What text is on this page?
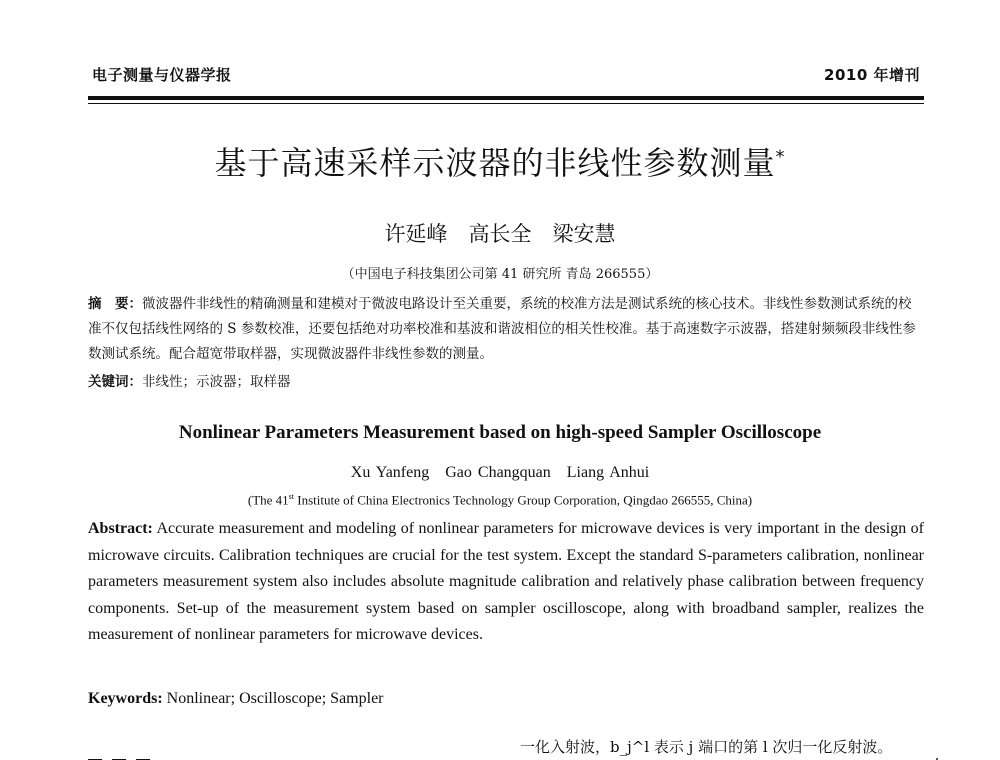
电子测量与仪器学报	2010 年增刊
基于高速采样示波器的非线性参数测量*
许延峰　高长全　梁安慧
（中国电子科技集团公司第 41 研究所 青岛 266555）
摘　要：微波器件非线性的精确测量和建模对于微波电路设计至关重要，系统的校准方法是测试系统的核心技术。非线性参数测试系统的校准不仅包括线性网络的 S 参数校准，还要包括绝对功率校准和基波和谐波相位的相关性校准。基于高速数字示波器，搭建射频频段非线性参数测试系统。配合超宽带取样器，实现微波器件非线性参数的测量。
关键词：非线性；示波器；取样器
Nonlinear Parameters Measurement based on high-speed Sampler Oscilloscope
Xu Yanfeng Gao Changquan Liang Anhui
(The 41st Institute of China Electronics Technology Group Corporation, Qingdao 266555, China)
Abstract: Accurate measurement and modeling of nonlinear parameters for microwave devices is very important in the design of microwave circuits. Calibration techniques are crucial for the test system. Except the standard S-parameters calibration, nonlinear parameters measurement system also includes absolute magnitude calibration and relatively phase calibration between frequency components. Set-up of the measurement system based on sampler oscilloscope, along with broadband sampler, realizes the measurement of nonlinear parameters for microwave devices.
Keywords: Nonlinear; Oscilloscope; Sampler
一化入射波，b_j^l 表示 j 端口的第 l 次归一化反射波。
